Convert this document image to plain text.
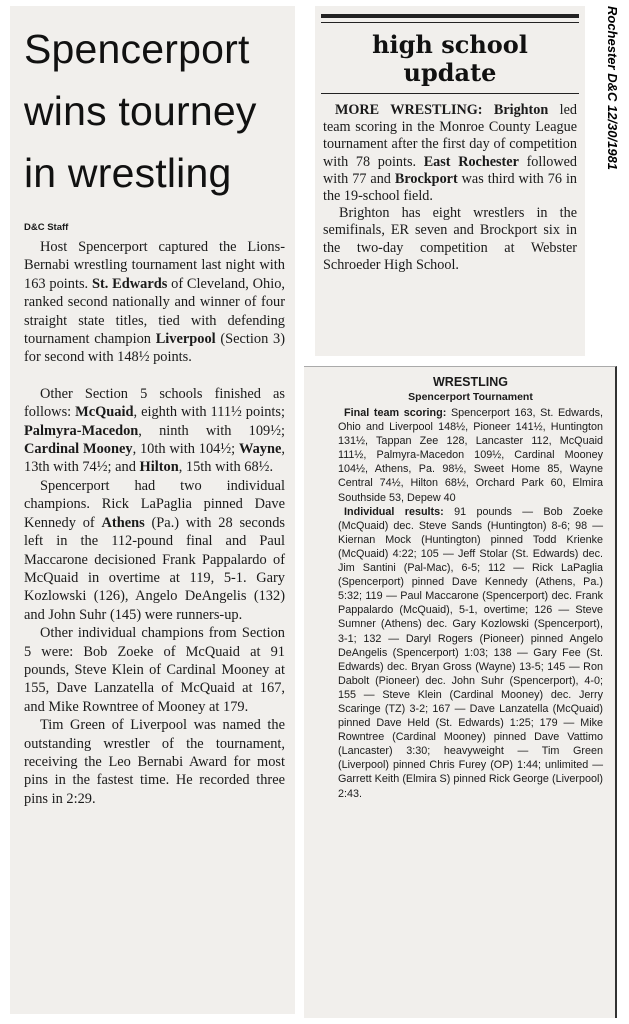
Rochester D&C 12/30/1981
Spencerport
wins tourney
in wrestling
D&C Staff

Host Spencerport captured the Lions-Bernabi wrestling tournament last night with 163 points. St. Edwards of Cleveland, Ohio, ranked second nationally and winner of four straight state titles, tied with defending tournament champion Liverpool (Section 3) for second with 148½ points.

Other Section 5 schools finished as follows: McQuaid, eighth with 111½ points; Palmyra-Macedon, ninth with 109½; Cardinal Mooney, 10th with 104½; Wayne, 13th with 74½; and Hilton, 15th with 68½.

Spencerport had two individual champions. Rick LaPaglia pinned Dave Kennedy of Athens (Pa.) with 28 seconds left in the 112-pound final and Paul Maccarone decisioned Frank Pappalardo of McQuaid in overtime at 119, 5-1. Gary Kozlowski (126), Angelo DeAngelis (132) and John Suhr (145) were runners-up.

Other individual champions from Section 5 were: Bob Zoeke of McQuaid at 91 pounds, Steve Klein of Cardinal Mooney at 155, Dave Lanzatella of McQuaid at 167, and Mike Rowntree of Mooney at 179.

Tim Green of Liverpool was named the outstanding wrestler of the tournament, receiving the Leo Bernabi Award for most pins in the fastest time. He recorded three pins in 2:29.

high school
update

MORE WRESTLING: Brighton led team scoring in the Monroe County League tournament after the first day of competition with 78 points. East Rochester followed with 77 and Brockport was third with 76 in the 19-school field.

Brighton has eight wrestlers in the semifinals, ER seven and Brockport six in the two-day competition at Webster Schroeder High School.

WRESTLING
Spencerport Tournament

Final team scoring: Spencerport 163, St. Edwards, Ohio and Liverpool 148½, Pioneer 141½, Huntington 131½, Tappan Zee 128, Lancaster 112, McQuaid 111½, Palmyra-Macedon 109½, Cardinal Mooney 104½, Athens, Pa. 98½, Sweet Home 85, Wayne Central 74½, Hilton 68½, Orchard Park 60, Elmira Southside 53, Depew 40

Individual results: 91 pounds — Bob Zoeke (McQuaid) dec. Steve Sands (Huntington) 8-6; 98 — Kiernan Mock (Huntington) pinned Todd Krienke (McQuaid) 4:22; 105 — Jeff Stolar (St. Edwards) dec. Jim Santini (Pal-Mac), 6-5; 112 — Rick LaPaglia (Spencerport) pinned Dave Kennedy (Athens, Pa.) 5:32; 119 — Paul Maccarone (Spencerport) dec. Frank Pappalardo (McQuaid), 5-1, overtime; 126 — Steve Sumner (Athens) dec. Gary Kozlowski (Spencerport), 3-1; 132 — Daryl Rogers (Pioneer) pinned Angelo DeAngelis (Spencerport) 1:03; 138 — Gary Fee (St. Edwards) dec. Bryan Gross (Wayne) 13-5; 145 — Ron Dabolt (Pioneer) dec. John Suhr (Spencerport), 4-0; 155 — Steve Klein (Cardinal Mooney) dec. Jerry Scaringe (TZ) 3-2; 167 — Dave Lanzatella (McQuaid) pinned Dave Held (St. Edwards) 1:25; 179 — Mike Rowntree (Cardinal Mooney) pinned Dave Vattimo (Lancaster) 3:30; heavyweight — Tim Green (Liverpool) pinned Chris Furey (OP) 1:44; unlimited — Garrett Keith (Elmira S) pinned Rick George (Liverpool) 2:43.
